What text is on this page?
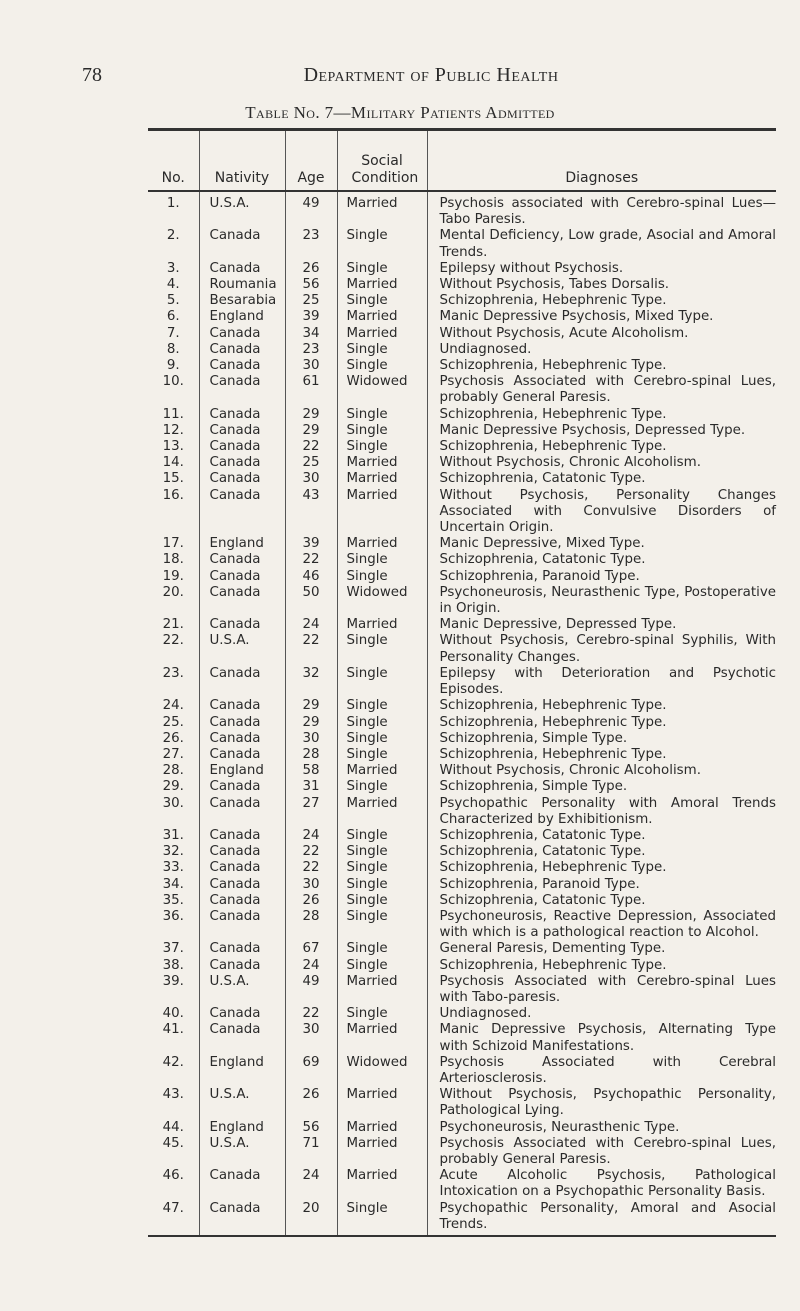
78	Department of Public Health
Table No. 7—Military Patients Admitted
No.	Nativity	Age	Social Condition	Diagnoses
1.	U.S.A.	49	Married	Psychosis associated with Cerebro-spinal Lues—Tabo Paresis.
2.	Canada	23	Single	Mental Deficiency, Low grade, Asocial and Amoral Trends.
3.	Canada	26	Single	Epilepsy without Psychosis.
4.	Roumania	56	Married	Without Psychosis, Tabes Dorsalis.
5.	Besarabia	25	Single	Schizophrenia, Hebephrenic Type.
6.	England	39	Married	Manic Depressive Psychosis, Mixed Type.
7.	Canada	34	Married	Without Psychosis, Acute Alcoholism.
8.	Canada	23	Single	Undiagnosed.
9.	Canada	30	Single	Schizophrenia, Hebephrenic Type.
10.	Canada	61	Widowed	Psychosis Associated with Cerebro-spinal Lues, probably General Paresis.
11.	Canada	29	Single	Schizophrenia, Hebephrenic Type.
12.	Canada	29	Single	Manic Depressive Psychosis, Depressed Type.
13.	Canada	22	Single	Schizophrenia, Hebephrenic Type.
14.	Canada	25	Married	Without Psychosis, Chronic Alcoholism.
15.	Canada	30	Married	Schizophrenia, Catatonic Type.
16.	Canada	43	Married	Without Psychosis, Personality Changes Associated with Convulsive Disorders of Uncertain Origin.
17.	England	39	Married	Manic Depressive, Mixed Type.
18.	Canada	22	Single	Schizophrenia, Catatonic Type.
19.	Canada	46	Single	Schizophrenia, Paranoid Type.
20.	Canada	50	Widowed	Psychoneurosis, Neurasthenic Type, Postoperative in Origin.
21.	Canada	24	Married	Manic Depressive, Depressed Type.
22.	U.S.A.	22	Single	Without Psychosis, Cerebro-spinal Syphilis, With Personality Changes.
23.	Canada	32	Single	Epilepsy with Deterioration and Psychotic Episodes.
24.	Canada	29	Single	Schizophrenia, Hebephrenic Type.
25.	Canada	29	Single	Schizophrenia, Hebephrenic Type.
26.	Canada	30	Single	Schizophrenia, Simple Type.
27.	Canada	28	Single	Schizophrenia, Hebephrenic Type.
28.	England	58	Married	Without Psychosis, Chronic Alcoholism.
29.	Canada	31	Single	Schizophrenia, Simple Type.
30.	Canada	27	Married	Psychopathic Personality with Amoral Trends Characterized by Exhibitionism.
31.	Canada	24	Single	Schizophrenia, Catatonic Type.
32.	Canada	22	Single	Schizophrenia, Catatonic Type.
33.	Canada	22	Single	Schizophrenia, Hebephrenic Type.
34.	Canada	30	Single	Schizophrenia, Paranoid Type.
35.	Canada	26	Single	Schizophrenia, Catatonic Type.
36.	Canada	28	Single	Psychoneurosis, Reactive Depression, Associated with which is a pathological reaction to Alcohol.
37.	Canada	67	Single	General Paresis, Dementing Type.
38.	Canada	24	Single	Schizophrenia, Hebephrenic Type.
39.	U.S.A.	49	Married	Psychosis Associated with Cerebro-spinal Lues with Tabo-paresis.
40.	Canada	22	Single	Undiagnosed.
41.	Canada	30	Married	Manic Depressive Psychosis, Alternating Type with Schizoid Manifestations.
42.	England	69	Widowed	Psychosis Associated with Cerebral Arteriosclerosis.
43.	U.S.A.	26	Married	Without Psychosis, Psychopathic Personality, Pathological Lying.
44.	England	56	Married	Psychoneurosis, Neurasthenic Type.
45.	U.S.A.	71	Married	Psychosis Associated with Cerebro-spinal Lues, probably General Paresis.
46.	Canada	24	Married	Acute Alcoholic Psychosis, Pathological Intoxication on a Psychopathic Personality Basis.
47.	Canada	20	Single	Psychopathic Personality, Amoral and Asocial Trends.
